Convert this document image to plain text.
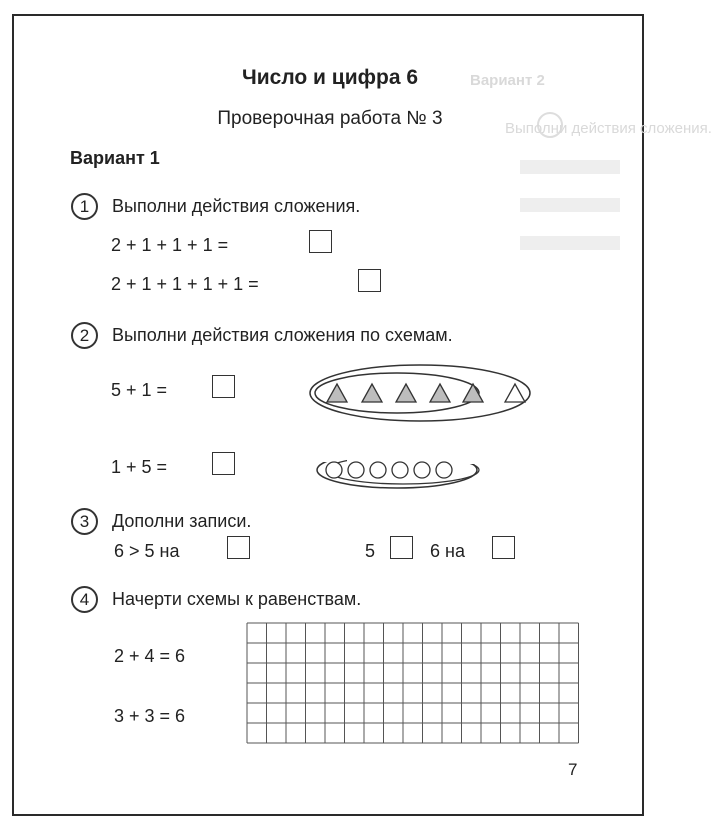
Вариант 2
Выполни действия сложения.
Число и цифра 6
Проверочная работа № 3
Вариант 1
1	Выполни действия сложения.
2 + 1 + 1 + 1 =
2 + 1 + 1 + 1 + 1 =
2	Выполни действия сложения по схемам.
5 + 1 =
1 + 5 =
3	Дополни записи.
6 > 5 на	5	6 на
4	Начерти схемы к равенствам.
2 + 4 = 6
3 + 3 = 6
7
